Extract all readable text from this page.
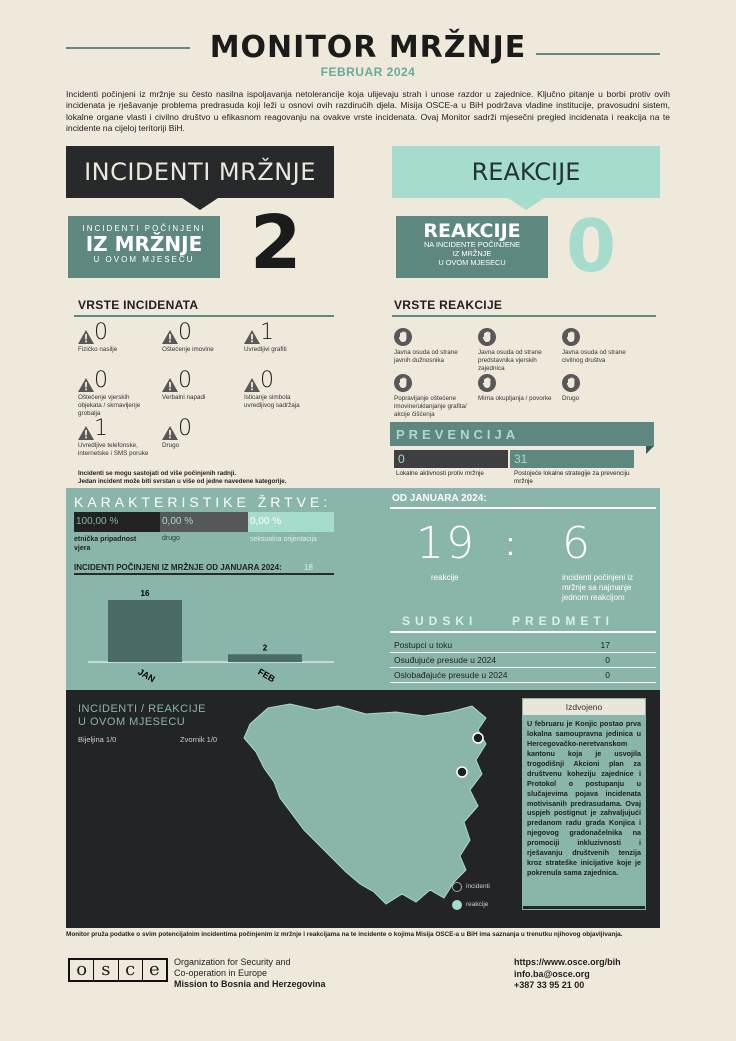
MONITOR MRŽNJE
FEBRUAR 2024
Incidenti počinjeni iz mržnje su često nasilna ispoljavanja netolerancije koja ulijevaju strah i unose razdor u zajednice. Ključno pitanje u borbi protiv ovih incidenata je rješavanje problema predrasuda koji leži u osnovi ovih razdirućih djela. Misija OSCE-a u BiH podržava vladine institucije, pravosudni sistem, lokalne organe vlasti i civilno društvo u efikasnom reagovanju na ovakve vrste incidenata. Ovaj Monitor sadrži mjesečni pregled incidenata i reakcija na te incidente na cijeloj teritoriji BiH.
INCIDENTI MRŽNJE
INCIDENTI POČINJENI
IZ MRŽNJE
U OVOM MJESECU 2
REAKCIJE
REAKCIJE
NA INCIDENTE POČINJENE
IZ MRŽNJE
U OVOM MJESECU 0
VRSTE INCIDENATA
0
Fizičko nasilje
0
Oštećenje imovine
1
Uvredljivi grafiti
0
Oštećenje vjerskih objekata / skrnavljenje grobalja
0
Verbalni napadi
0
Isticanje simbola uvredljivog sadržaja
1
Uvredljive telefonske, internetske i SMS poruke
0
Drugo
Incidenti se mogu sastojati od više počinjenih radnji.
Jedan incident može biti svrstan u više od jedne navedene kategorije.
VRSTE REAKCIJE
Javna osuda od strane javnih dužnosnika
Javna osuda od strane predstavnika vjerskih zajednica
Javna osuda od strane civilnog društva
Popravljanje oštećene imovine/uklanjanje grafita/ akcije čišćenja
Mirna okupljanja / povorke	Drugo
PREVENCIJA
0	31
Lokalne aktivnosti protiv mržnje	Postojeće lokalne strategije za prevenciju mržnje
KARAKTERISTIKE ŽRTVE:
100,00 %	0,00 %	0,00 %
etnička pripadnost vjera
drugo	seksualna orijentacija
INCIDENTI POČINJENI IZ MRŽNJE OD JANUARA 2024:	18
16
JAN
2
FEB
OD JANUARA 2024:
19 : 6
reakcije	incidenti počinjeni iz mržnje sa najmanje jednom reakcijom
SUDSKI	PREDMETI
Postupci u toku	17
Osuđujuće presude u 2024	0
Oslobađajuće presude u 2024	0
INCIDENTI / REAKCIJE
U OVOM MJESECU
Bijeljina 1/0	Zvornik 1/0
incidenti
reakcije
Izdvojeno
U februaru je Konjic postao prva lokalna samoupravna jedinica u Hercegovačko-neretvanskom kantonu koja je usvojila trogodišnji Akcioni plan za društvenu koheziju zajednice i Protokol o postupanju u slučajevima pojava incidenata motivisanih predrasudama. Ovaj uspjeh postignut je zahvaljujući predanom radu grada Konjica i njegovog gradonačelnika na promociji inkluzivnosti i rješavanju društvenih tenzija kroz strateške inicijative koje je pokrenula sama zajednica.
Monitor pruža podatke o svim potencijalnim incidentima počinjenim iz mržnje i reakcijama na te incidente o kojima Misija OSCE-a u BiH ima saznanja u trenutku njihovog objavljivanja.
o s c e	Organization for Security and
Co-operation in Europe
Mission to Bosnia and Herzegovina
https://www.osce.org/bih
info.ba@osce.org
+387 33 95 21 00
